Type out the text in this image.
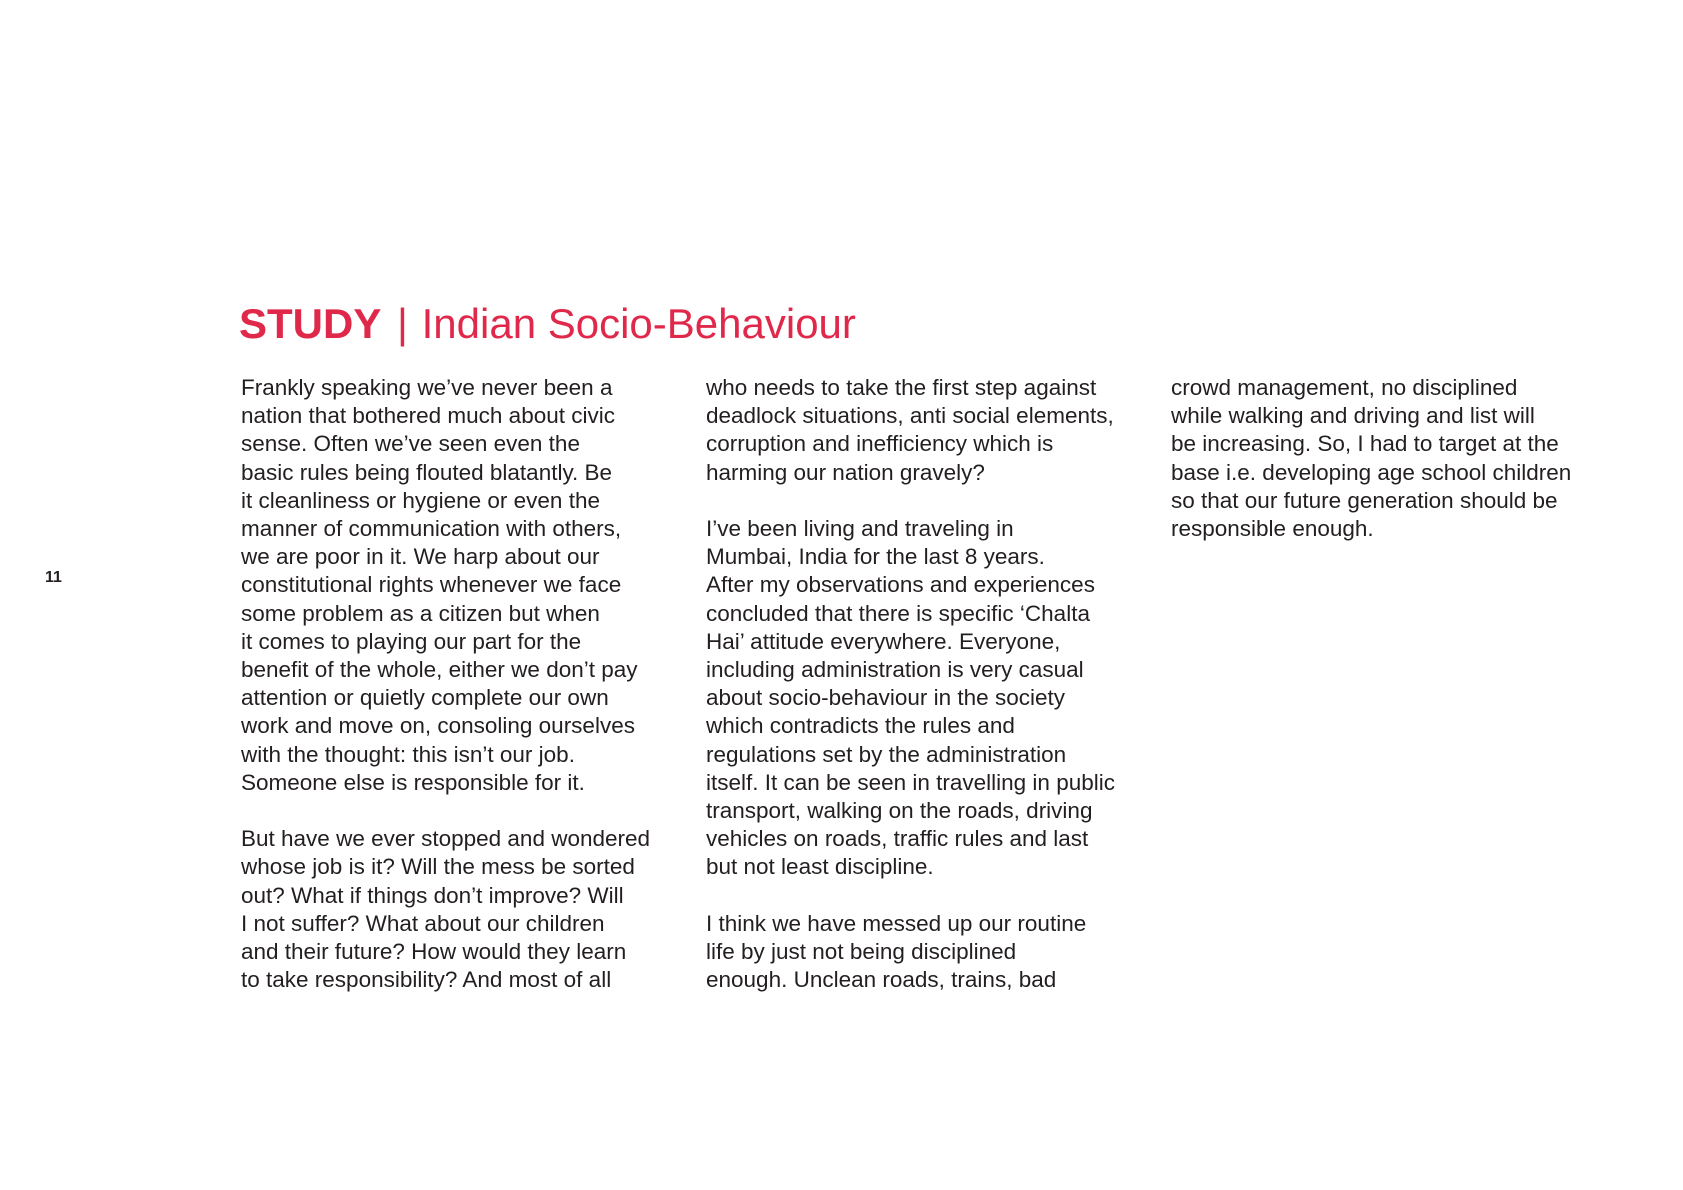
11
STUDY | Indian Socio-Behaviour
Frankly speaking we’ve never been a
nation that bothered much about civic
sense. Often we’ve seen even the
basic rules being flouted blatantly. Be
it cleanliness or hygiene or even the
manner of communication with others,
we are poor in it. We harp about our
constitutional rights whenever we face
some problem as a citizen but when
it comes to playing our part for the
benefit of the whole, either we don’t pay
attention or quietly complete our own
work and move on, consoling ourselves
with the thought: this isn’t our job.
Someone else is responsible for it.

But have we ever stopped and wondered
whose job is it? Will the mess be sorted
out? What if things don’t improve? Will
I not suffer? What about our children
and their future? How would they learn
to take responsibility? And most of all
who needs to take the first step against
deadlock situations, anti social elements,
corruption and inefficiency which is
harming our nation gravely?

I’ve been living and traveling in
Mumbai, India for the last 8 years.
After my observations and experiences
concluded that there is specific ‘Chalta
Hai’ attitude everywhere. Everyone,
including administration is very casual
about socio-behaviour in the society
which contradicts the rules and
regulations set by the administration
itself. It can be seen in travelling in public
transport, walking on the roads, driving
vehicles on roads, traffic rules and last
but not least discipline.

I think we have messed up our routine
life by just not being disciplined
enough. Unclean roads, trains, bad
crowd management, no disciplined
while walking and driving and list will
be increasing. So, I had to target at the
base i.e. developing age school children
so that our future generation should be
responsible enough.
